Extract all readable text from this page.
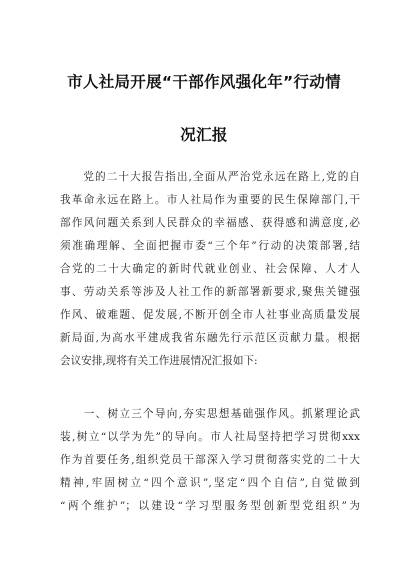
市人社局开展“干部作风强化年”行动情
况汇报
　　党的二十大报告指出,全面从严治党永远在路上,党的自
我革命永远在路上。市人社局作为重要的民生保障部门,干
部作风问题关系到人民群众的幸福感、获得感和满意度,必
须准确理解、全面把握市委“三个年”行动的决策部署,结
合党的二十大确定的新时代就业创业、社会保障、人才人
事、劳动关系等涉及人社工作的新部署新要求,聚焦关键强
作风、破难题、促发展,不断开创全市人社事业高质量发展
新局面,为高水平建成我省东融先行示范区贡献力量。根据
会议安排,现将有关工作进展情况汇报如下:
　　一、树立三个导向,夯实思想基础强作风。抓紧理论武
装,树立“以学为先”的导向。市人社局坚持把学习贯彻xxx
作为首要任务,组织党员干部深入学习贯彻落实党的二十大
精神,牢固树立“四个意识”,坚定“四个自信”,自觉做到
“两个维护”；以建设“学习型服务型创新型党组织”为
